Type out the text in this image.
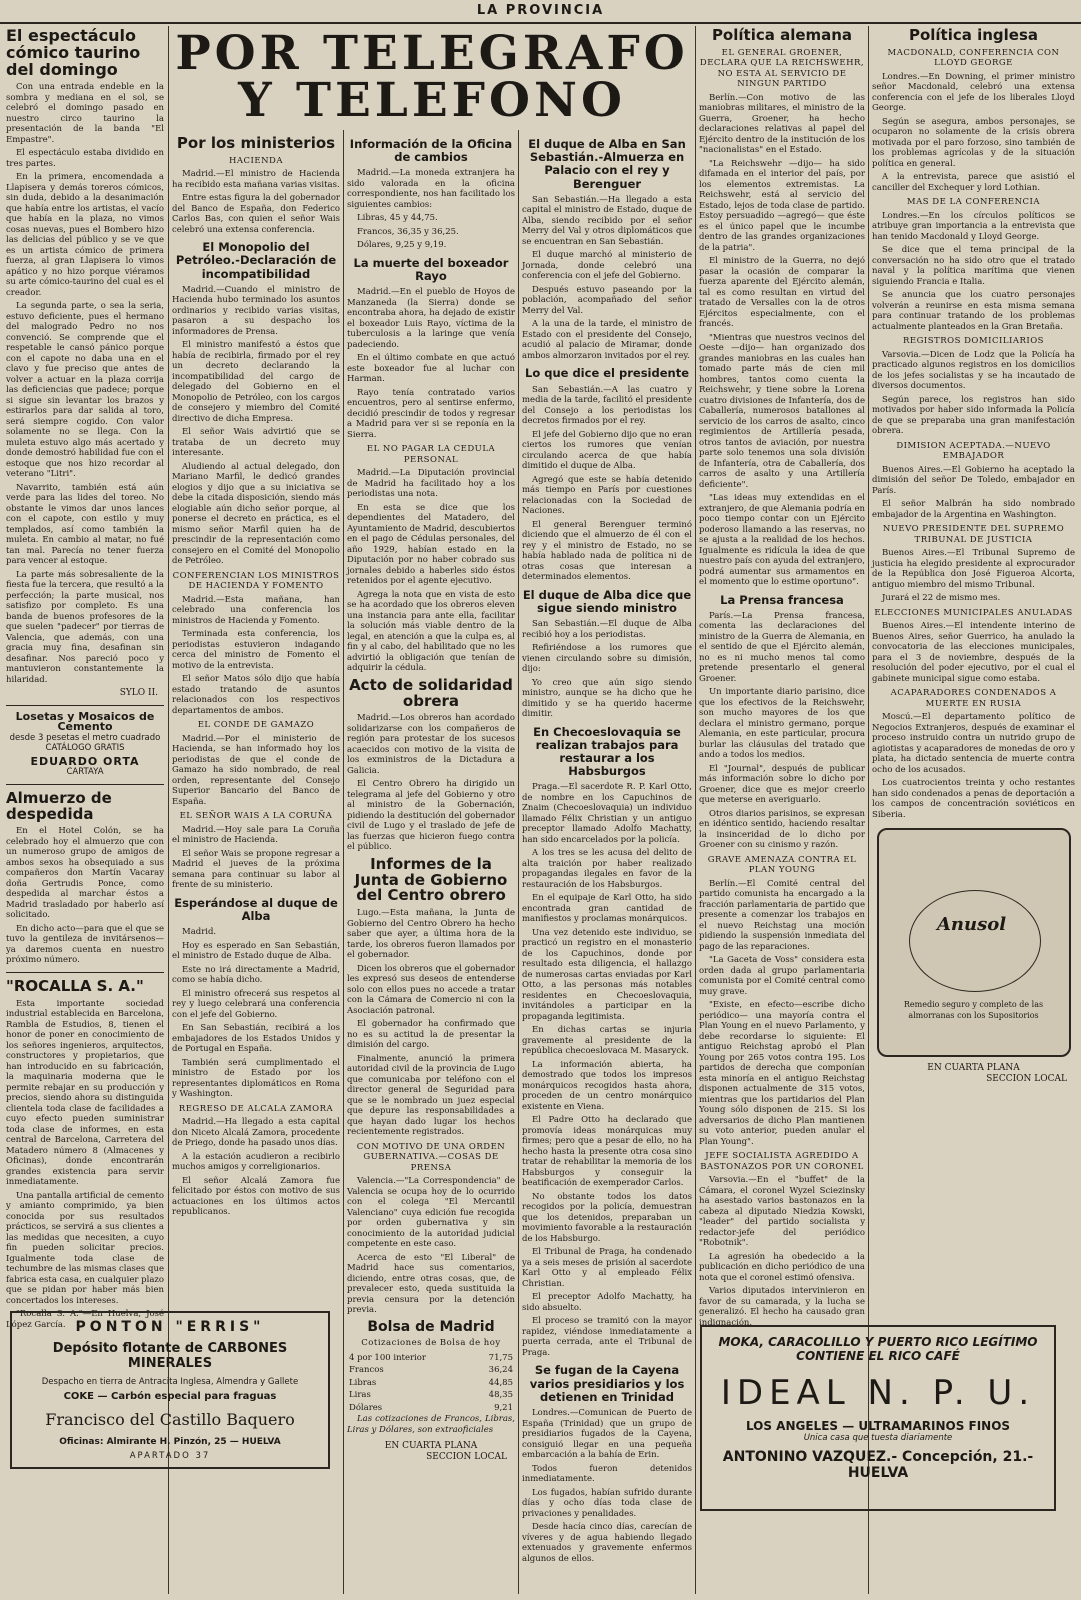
LA PROVINCIA
POR TELEGRAFO
Y TELEFONO
El espectáculo cómico taurino del domingo

Con una entrada endeble en la sombra y mediana en el sol, se celebró el domingo pasado en nuestro circo taurino la presentación de la banda "El Empastre".

El espectáculo estaba dividido en tres partes.

En la primera, encomendada a Llapisera y demás toreros cómicos, sin duda, debido a la desanimación que había entre los artistas, el vacío que había en la plaza, no vimos cosas nuevas, pues el Bombero hizo las delicias del público y se ve que es un artista cómico de primera fuerza, al gran Llapisera lo vimos apático y no hizo porque viéramos su arte cómico-taurino del cual es el creador.

La segunda parte, o sea la seria, estuvo deficiente, pues el hermano del malogrado Pedro no nos convenció. Se comprende que el respetable le cansó pánico porque con el capote no daba una en el clavo y fue preciso que antes de volver a actuar en la plaza corrija las deficiencias que padece; porque si sigue sin levantar los brazos y estirarlos para dar salida al toro, será siempre cogido. Con valor solamente no se llega. Con la muleta estuvo algo más acertado y donde demostró habilidad fue con el estoque que nos hizo recordar al veterano "Litri".

Navarrito, también está aún verde para las lides del toreo. No obstante le vimos dar unos lances con el capote, con estilo y muy templados, así como también la muleta. En cambio al matar, no fué tan mal. Parecía no tener fuerza para vencer al estoque.

La parte más sobresaliente de la fiesta fue la tercera, que resultó a la perfección; la parte musical, nos satisfizo por completo. Es una banda de buenos profesores de la que suelen "padecer" por tierras de Valencia, que además, con una gracia muy fina, desafinan sin desafinar. Nos pareció poco y mantuvieron constantemente la hilaridad.

SYLO II.
Losetas y Mosaicos de Cemento
desde 3 pesetas el metro cuadrado
CATÁLOGO GRATIS
EDUARDO ORTA
CARTAYA
Almuerzo de despedida

En el Hotel Colón, se ha celebrado hoy el almuerzo que con un numeroso grupo de amigos de ambos sexos ha obsequiado a sus compañeros don Martín Vacaray doña Gertrudis Ponce, como despedida al marchar éstos a Madrid trasladado por haberlo así solicitado.

En dicho acto—para que el que se tuvo la gentileza de invitársenos— ya daremos cuenta en nuestro próximo número.

"ROCALLA S. A."

Esta importante sociedad industrial establecida en Barcelona, Rambla de Estudios, 8, tienen el honor de poner en conocimiento de los señores ingenieros, arquitectos, constructores y propietarios, que han introducido en su fabricación, la maquinaria moderna que le permite rebajar en su producción y precios, siendo ahora su distinguida clientela toda clase de facilidades a cuyo efecto pueden suministrar toda clase de informes, en esta central de Barcelona, Carretera del Matadero número 8 (Almacenes y Oficinas), donde encontrarán grandes existencia para servir inmediatamente.

Una pantalla artificial de cemento y amianto comprimido, ya bien conocida por sus resultados prácticos, se servirá a sus clientes a las medidas que necesiten, a cuyo fin pueden solicitar precios. Igualmente toda clase de techumbre de las mismas clases que fabrica esta casa, en cualquier plazo que se pidan por haber más bien concertados los intereses.

"Rocalla S. A."—En Huelva, José López García. PONTON "ERRIS"
Depósito flotante de CARBONES MINERALES
Despacho en tierra de Antracita Inglesa, Almendra y Gallete
COKE — Carbón especial para fraguas
Francisco del Castillo Baquero
Oficinas: Almirante H. Pinzón, 25 — HUELVA
APARTADO 37
Por los ministerios
HACIENDA

Madrid.—El ministro de Hacienda ha recibido esta mañana varias visitas.

Entre estas figura la del gobernador del Banco de España, don Federico Carlos Bas, con quien el señor Wais celebró una extensa conferencia.

El Monopolio del Petróleo.-Declaración de incompatibilidad

Madrid.—Cuando el ministro de Hacienda hubo terminado los asuntos ordinarios y recibido varias visitas, pasaron a su despacho los informadores de Prensa.

El ministro manifestó a éstos que había de recibirla, firmado por el rey un decreto declarando la incompatibilidad del cargo de delegado del Gobierno en el Monopolio de Petróleo, con los cargos de consejero y miembro del Comité directivo de dicha Empresa.

El señor Wais advirtió que se trataba de un decreto muy interesante.

Aludiendo al actual delegado, don Mariano Marfil, le dedicó grandes elogios y dijo que a su iniciativa se debe la citada disposición, siendo más elogiable aún dicho señor porque, al ponerse el decreto en práctica, es el mismo señor Marfil quien ha de prescindir de la representación como consejero en el Comité del Monopolio de Petróleo.

CONFERENCIAN LOS MINISTROS DE HACIENDA Y FOMENTO

Madrid.—Esta mañana, han celebrado una conferencia los ministros de Hacienda y Fomento.

Terminada esta conferencia, los periodistas estuvieron indagando cerca del ministro de Fomento el motivo de la entrevista.

El señor Matos sólo dijo que había estado tratando de asuntos relacionados con los respectivos departamentos de ambos.

EL CONDE DE GAMAZO

Madrid.—Por el ministerio de Hacienda, se han informado hoy los periodistas de que el conde de Gamazo ha sido nombrado, de real orden, representante del Consejo Superior Bancario del Banco de España.

EL SEÑOR WAIS A LA CORUÑA

Madrid.—Hoy sale para La Coruña el ministro de Hacienda.

El señor Wais se propone regresar a Madrid el jueves de la próxima semana para continuar su labor al frente de su ministerio.

Esperándose al duque de Alba

Madrid.

Hoy es esperado en San Sebastián, el ministro de Estado duque de Alba.

Este no irá directamente a Madrid, como se había dicho.

El ministro ofrecerá sus respetos al rey y luego celebrará una conferencia con el jefe del Gobierno.

En San Sebastián, recibirá a los embajadores de los Estados Unidos y de Portugal en España.

También será cumplimentado el ministro de Estado por los representantes diplomáticos en Roma y Washington.

REGRESO DE ALCALA ZAMORA

Madrid.—Ha llegado a esta capital don Niceto Alcalá Zamora, procedente de Priego, donde ha pasado unos días.

A la estación acudieron a recibirlo muchos amigos y correligionarios.

El señor Alcalá Zamora fue felicitado por éstos con motivo de sus actuaciones en los últimos actos republicanos.

Información de la Oficina de cambios

Madrid.—La moneda extranjera ha sido valorada en la oficina correspondiente, nos han facilitado los siguientes cambios:

Libras, 45 y 44,75.

Francos, 36,35 y 36,25.

Dólares, 9,25 y 9,19.

La muerte del boxeador Rayo

Madrid.—En el pueblo de Hoyos de Manzaneda (la Sierra) donde se encontraba ahora, ha dejado de existir el boxeador Luis Rayo, víctima de la tuberculosis a la laringe que venía padeciendo.

En el último combate en que actuó este boxeador fue al luchar con Harman.

Rayo tenía contratado varios encuentros, pero al sentirse enfermo, decidió prescindir de todos y regresar a Madrid para ver si se reponía en la Sierra.

EL NO PAGAR LA CEDULA PERSONAL

Madrid.—La Diputación provincial de Madrid ha facilitado hoy a los periodistas una nota.

En esta se dice que los dependientes del Matadero, del Ayuntamiento de Madrid, descubiertos en el pago de Cédulas personales, del año 1929, habían estado en la Diputación por no haber cobrado sus jornales debido a haberles sido éstos retenidos por el agente ejecutivo.

Agrega la nota que en vista de esto se ha acordado que los obreros eleven una instancia para ante ella, facilitar la solución más viable dentro de la legal, en atención a que la culpa es, al fin y al cabo, del habilitado que no les advirtió la obligación que tenían de adquirir la cédula.

Acto de solidaridad obrera

Madrid.—Los obreros han acordado solidarizarse con los compañeros de región para protestar de los sucesos acaecidos con motivo de la visita de los exministros de la Dictadura a Galicia.

El Centro Obrero ha dirigido un telegrama al jefe del Gobierno y otro al ministro de la Gobernación, pidiendo la destitución del gobernador civil de Lugo y el traslado de jefe de las fuerzas que hicieron fuego contra el público.

Informes de la Junta de Gobierno del Centro obrero

Lugo.—Esta mañana, la Junta de Gobierno del Centro Obrero ha hecho saber que ayer, a última hora de la tarde, los obreros fueron llamados por el gobernador.

Dicen los obreros que el gobernador les expresó sus deseos de entenderse solo con ellos pues no accede a tratar con la Cámara de Comercio ni con la Asociación patronal.

El gobernador ha confirmado que no es su actitud la de presentar la dimisión del cargo.

Finalmente, anunció la primera autoridad civil de la provincia de Lugo que comunicaba por teléfono con el director general de Seguridad para que se le nombrado un juez especial que depure las responsabilidades a que hayan dado lugar los hechos recientemente registrados.

CON MOTIVO DE UNA ORDEN GUBERNATIVA.—COSAS DE PRENSA

Valencia.—"La Correspondencia" de Valencia se ocupa hoy de lo ocurrido con el colega "El Mercantil Valenciano" cuya edición fue recogida por orden gubernativa y sin conocimiento de la autoridad judicial competente en este caso.

Acerca de esto "El Liberal" de Madrid hace sus comentarios, diciendo, entre otras cosas, que, de prevalecer esto, queda sustituida la previa censura por la detención previa.

Bolsa de Madrid
Cotizaciones de Bolsa de hoy
4 por 100 interior	71,75
Francos	36,24
Libras	44,85
Liras	48,35
Dólares	9,21

Las cotizaciones de Francos, Libras, Liras y Dólares, son extraoficiales

EN CUARTA PLANA
SECCION LOCAL
El duque de Alba en San Sebastián.-Almuerza en Palacio con el rey y Berenguer

San Sebastián.—Ha llegado a esta capital el ministro de Estado, duque de Alba, siendo recibido por el señor Merry del Val y otros diplomáticos que se encuentran en San Sebastián.

El duque marchó al ministerio de Jornada, donde celebró una conferencia con el jefe del Gobierno.

Después estuvo paseando por la población, acompañado del señor Merry del Val.

A la una de la tarde, el ministro de Estado con el presidente del Consejo, acudió al palacio de Miramar, donde ambos almorzaron invitados por el rey.

Lo que dice el presidente

San Sebastián.—A las cuatro y media de la tarde, facilitó el presidente del Consejo a los periodistas los decretos firmados por el rey.

El jefe del Gobierno dijo que no eran ciertos los rumores que venían circulando acerca de que había dimitido el duque de Alba.

Agregó que este se había detenido más tiempo en París por cuestiones relacionadas con la Sociedad de Naciones.

El general Berenguer terminó diciendo que el almuerzo de él con el rey y el ministro de Estado, no se había hablado nada de política ni de otras cosas que interesan a determinados elementos.

El duque de Alba dice que sigue siendo ministro

San Sebastián.—El duque de Alba recibió hoy a los periodistas.

Refiriéndose a los rumores que vienen circulando sobre su dimisión, dijo:

Yo creo que aún sigo siendo ministro, aunque se ha dicho que he dimitido y se ha querido hacerme dimitir.

En Checoeslovaquia se realizan trabajos para restaurar a los Habsburgos

Praga.—El sacerdote R. P. Karl Otto, de nombre en los Capuchinos de Znaim (Checoeslovaquia) un individuo llamado Félix Christian y un antiguo preceptor llamado Adolfo Machatty, han sido encarcelados por la policía.

A los tres se les acusa del delito de alta traición por haber realizado propagandas ilegales en favor de la restauración de los Habsburgos.

En el equipaje de Karl Otto, ha sido encontrada gran cantidad de manifiestos y proclamas monárquicos.

Una vez detenido este individuo, se practicó un registro en el monasterio de los Capuchinos, donde por resultado esta diligencia, el hallazgo de numerosas cartas enviadas por Karl Otto, a las personas más notables residentes en Checoeslovaquia, invitándoles a participar en la propaganda legitimista.

En dichas cartas se injuria gravemente al presidente de la república checoeslovaca M. Masaryck.

La información abierta, ha demostrado que todos los impresos monárquicos recogidos hasta ahora, proceden de un centro monárquico existente en Viena.

El Padre Otto ha declarado que promovía ideas monárquicas muy firmes; pero que a pesar de ello, no ha hecho hasta la presente otra cosa sino tratar de rehabilitar la memoria de los Habsburgos y conseguir la beatificación de exemperador Carlos.

No obstante todos los datos recogidos por la policía, demuestran que los detenidos, preparaban un movimiento favorable a la restauración de los Habsburgo.

El Tribunal de Praga, ha condenado ya a seis meses de prisión al sacerdote Karl Otto y al empleado Félix Christian.

El preceptor Adolfo Machatty, ha sido absuelto.

El proceso se tramitó con la mayor rapidez, viéndose inmediatamente a puerta cerrada, ante el Tribunal de Praga.

Se fugan de la Cayena varios presidiarios y los detienen en Trinidad

Londres.—Comunican de Puerto de España (Trinidad) que un grupo de presidiarios fugados de la Cayena, consiguió llegar en una pequeña embarcación a la bahía de Erin.

Todos fueron detenidos inmediatamente.

Los fugados, habían sufrido durante días y ocho días toda clase de privaciones y penalidades.

Desde hacía cinco días, carecían de víveres y de agua habiendo llegado extenuados y gravemente enfermos algunos de ellos.

Política alemana
EL GENERAL GROENER, DECLARA QUE LA REICHSWEHR, NO ESTA AL SERVICIO DE NINGUN PARTIDO

Berlín.—Con motivo de las maniobras militares, el ministro de la Guerra, Groener, ha hecho declaraciones relativas al papel del Ejército dentro de la institución de los "nacionalistas" en el Estado.

"La Reichswehr —dijo— ha sido difamada en el interior del país, por los elementos extremistas. La Reichswehr, está al servicio del Estado, lejos de toda clase de partido. Estoy persuadido —agregó— que éste es el único papel que le incumbe dentro de las grandes organizaciones de la patria".

El ministro de la Guerra, no dejó pasar la ocasión de comparar la fuerza aparente del Ejército alemán, tal es como resultan en virtud del tratado de Versalles con la de otros Ejércitos especialmente, con el francés.

"Mientras que nuestros vecinos del Oeste —dijo— han organizado dos grandes maniobras en las cuales han tomado parte más de cien mil hombres, tantos como cuenta la Reichswehr, y tiene sobre la Lorena cuatro divisiones de Infantería, dos de Caballería, numerosos batallones al servicio de los carros de asalto, cinco regimientos de Artillería pesada, otros tantos de aviación, por nuestra parte solo tenemos una sola división de Infantería, otra de Caballería, dos carros de asalto y una Artillería deficiente".

"Las ideas muy extendidas en el extranjero, de que Alemania podría en poco tiempo contar con un Ejército poderoso llamando a las reservas, no se ajusta a la realidad de los hechos. Igualmente es ridícula la idea de que nuestro país con ayuda del extranjero, podrá aumentar sus armamentos en el momento que lo estime oportuno".

La Prensa francesa

París.—La Prensa francesa, comenta las declaraciones del ministro de la Guerra de Alemania, en el sentido de que el Ejército alemán, no es ni mucho menos tal como pretende presentarlo el general Groener.

Un importante diario parisino, dice que los efectivos de la Reichswehr, son mucho mayores de los que declara el ministro germano, porque Alemania, en este particular, procura burlar las cláusulas del tratado que ando a todos los medios.

El "Journal", después de publicar más información sobre lo dicho por Groener, dice que es mejor creerlo que meterse en averiguarlo.

Otros diarios parisinos, se expresan en idéntico sentido, haciendo resaltar la insinceridad de lo dicho por Groener con su cinismo y razón.

GRAVE AMENAZA CONTRA EL PLAN YOUNG

Berlín.—El Comité central del partido comunista ha encargado a la fracción parlamentaria de partido que presente a comenzar los trabajos en el nuevo Reichstag una moción pidiendo la suspensión inmediata del pago de las reparaciones.

"La Gaceta de Voss" considera esta orden dada al grupo parlamentaria comunista por el Comité central como muy grave.

"Existe, en efecto—escribe dicho periódico— una mayoría contra el Plan Young en el nuevo Parlamento, y debe recordarse lo siguiente: El antiguo Reichstag aprobó el Plan Young por 265 votos contra 195. Los partidos de derecha que componían esta minoría en el antiguo Reichstag disponen actualmente de 315 votos, mientras que los partidarios del Plan Young sólo disponen de 215. Si los adversarios de dicho Plan mantienen su voto anterior, pueden anular el Plan Young".

JEFE SOCIALISTA AGREDIDO A BASTONAZOS POR UN CORONEL

Varsovia.—En el "buffet" de la Cámara, el coronel Wyzel Sciezinsky ha asestado varios bastonazos en la cabeza al diputado Niedzia Kowski, "leader" del partido socialista y redactor-jefe del periódico "Robotnik".

La agresión ha obedecido a la publicación en dicho periódico de una nota que el coronel estimó ofensiva.

Varios diputados intervinieron en favor de su camarada, y la lucha se generalizó. El hecho ha causado gran indignación.

Política inglesa
MACDONALD, CONFERENCIA CON LLOYD GEORGE

Londres.—En Downing, el primer ministro señor Macdonald, celebró una extensa conferencia con el jefe de los liberales Lloyd George.

Según se asegura, ambos personajes, se ocuparon no solamente de la crisis obrera motivada por el paro forzoso, sino también de los problemas agrícolas y de la situación política en general.

A la entrevista, parece que asistió el canciller del Exchequer y lord Lothian.

MAS DE LA CONFERENCIA

Londres.—En los círculos políticos se atribuye gran importancia a la entrevista que han tenido Macdonald y Lloyd George.

Se dice que el tema principal de la conversación no ha sido otro que el tratado naval y la política marítima que vienen siguiendo Francia e Italia.

Se anuncia que los cuatro personajes volverán a reunirse en esta misma semana para continuar tratando de los problemas actualmente planteados en la Gran Bretaña.

REGISTROS DOMICILIARIOS

Varsovia.—Dicen de Lodz que la Policía ha practicado algunos registros en los domicilios de los jefes socialistas y se ha incautado de diversos documentos.

Según parece, los registros han sido motivados por haber sido informada la Policía de que se preparaba una gran manifestación obrera.

DIMISION ACEPTADA.—NUEVO EMBAJADOR

Buenos Aires.—El Gobierno ha aceptado la dimisión del señor De Toledo, embajador en París.

El señor Malbrán ha sido nombrado embajador de la Argentina en Washington.

NUEVO PRESIDENTE DEL SUPREMO TRIBUNAL DE JUSTICIA

Buenos Aires.—El Tribunal Supremo de justicia ha elegido presidente al exprocurador de la República don José Figueroa Alcorta, antiguo miembro del mismo Tribunal.

Jurará el 22 de mismo mes.

ELECCIONES MUNICIPALES ANULADAS

Buenos Aires.—El intendente interino de Buenos Aires, señor Guerrico, ha anulado la convocatoria de las elecciones municipales, para el 3 de noviembre, después de la resolución del poder ejecutivo, por el cual el gabinete municipal sigue como estaba.

ACAPARADORES CONDENADOS A MUERTE EN RUSIA

Moscú.—El departamento político de Negocios Extranjeros, después de examinar el proceso instruido contra un nutrido grupo de agiotistas y acaparadores de monedas de oro y plata, ha dictado sentencia de muerte contra ocho de los acusados.

Los cuatrocientos treinta y ocho restantes han sido condenados a penas de deportación a los campos de concentración soviéticos en Siberia.

Anusol
Remedio seguro y completo de las almorranas con los Supositorios
EN CUARTA PLANA
SECCION LOCAL
MOKA, CARACOLILLO Y PUERTO RICO LEGÍTIMO
CONTIENE EL RICO CAFÉ
IDEAL N. P. U.
LOS ANGELES — ULTRAMARINOS FINOS
Unica casa que tuesta diariamente
ANTONINO VAZQUEZ.- Concepción, 21.-HUELVA
